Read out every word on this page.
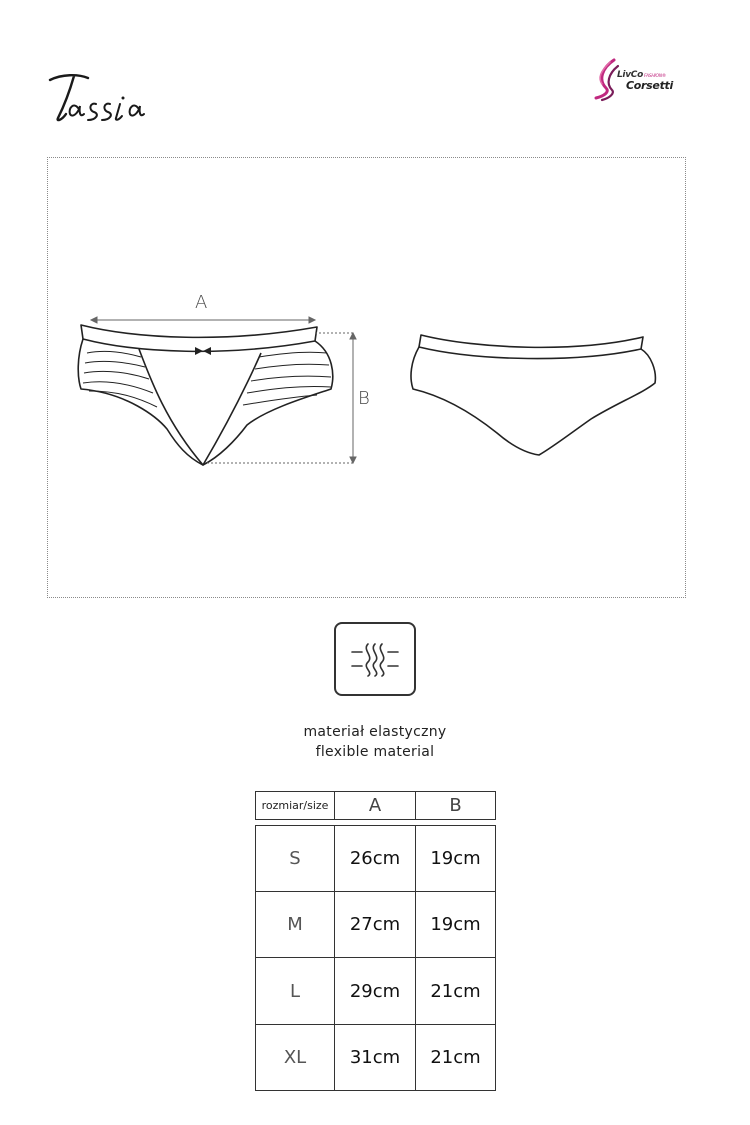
LivCoFASHION®
Corsetti
A
B
materiał elastyczny
flexible material
rozmiar/size	A	B
S	26cm	19cm
M	27cm	19cm
L	29cm	21cm
XL	31cm	21cm
